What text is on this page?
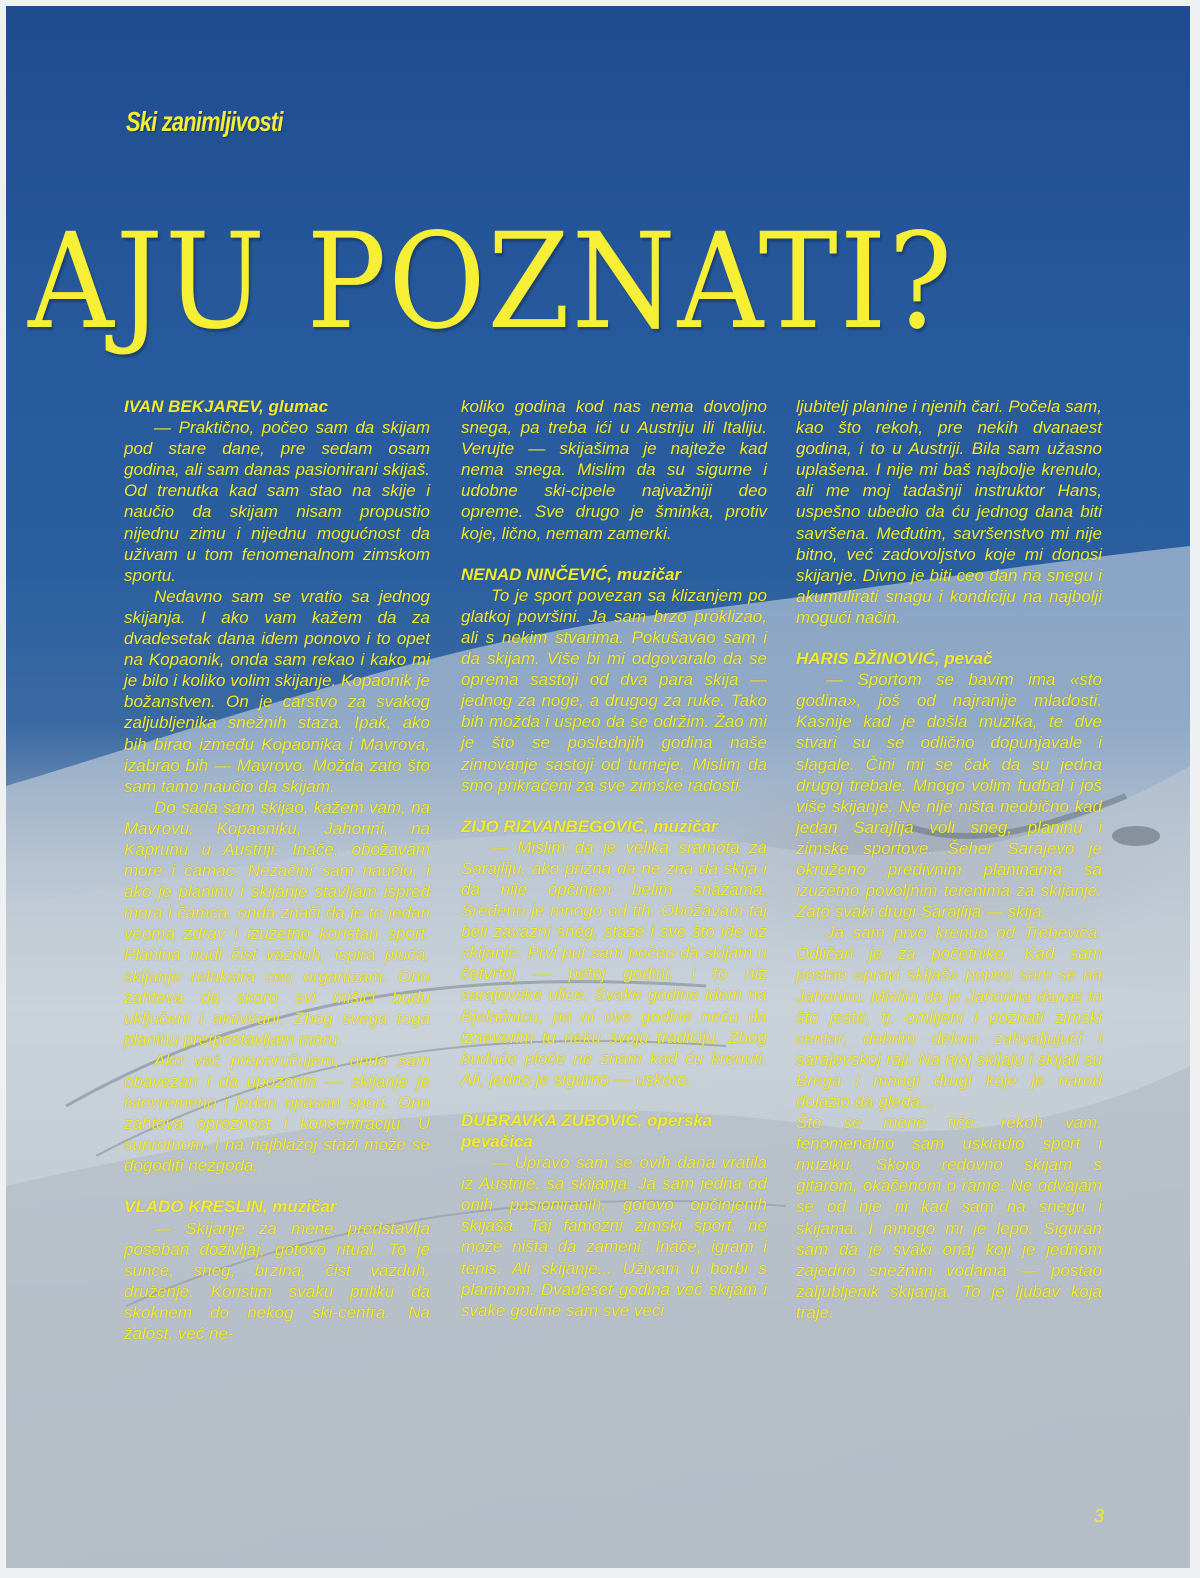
Ski zanimljivosti
AJU POZNATI?
IVAN BEKJAREV, glumac

— Praktično, počeo sam da skijam pod stare dane, pre sedam osam godina, ali sam danas pasionirani skijaš. Od trenutka kad sam stao na skije i naučio da skijam nisam propustio nijednu zimu i nijednu mogućnost da uživam u tom fenomenalnom zimskom sportu.

Nedavno sam se vratio sa jednog skijanja. I ako vam kažem da za dvadesetak dana idem ponovo i to opet na Kopaonik, onda sam rekao i kako mi je bilo i koliko volim skijanje. Kopaonik je božanstven. On je carstvo za svakog zaljubljenika snežnih staza. Ipak, ako bih birao između Kopaonika i Mavrova, izabrao bih — Mavrovo. Možda zato što sam tamo naučio da skijam.

Do sada sam skijao, kažem vam, na Mavrovu, Kopaoniku, Jahorini, na Kaprunu u Austriji. Inače, obožavam more i čamac. Nezačini sam naučio, i ako je planinu i skijanje stavljam ispred mora i čamca, onda znači da je to jedan veoma zdrav i izuzetno koristan sport. Planina nudi čist vazduh, ispira pluća, skijanje relaksira ceo organizam. Ono zahteva da skoro svi mišići budu uključeni i aktivirani. Zbog svega toga planinu pretpostavljam moru.

Ako već preporučujem, onda sam obavezan i da upozorim — skijanje je istovremeno i jedan opasan sport. Ono zahteva opreznost i koncentraciju. U suprotnom, i na najblažoj stazi može se dogoditi nezgoda.

VLADO KRESLIN, muzičar

— Skijanje za mene predstavlja poseban doživljaj, gotovo ritual. To je sunce, sneg, brzina, čist vazduh, druženje. Koristim svaku priliku da skoknem do nekog ski-centra. Na žalost, već ne-

koliko godina kod nas nema dovoljno snega, pa treba ići u Austriju ili Italiju. Verujte — skijašima je najteže kad nema snega. Mislim da su sigurne i udobne ski-cipele najvažniji deo opreme. Sve drugo je šminka, protiv koje, lično, nemam zamerki.

NENAD NINČEVIĆ, muzičar

To je sport povezan sa klizanjem po glatkoj površini. Ja sam brzo proklizao, ali s nekim stvarima. Pokušavao sam i da skijam. Više bi mi odgovaralo da se oprema sastoji od dva para skija — jednog za noge, a drugog za ruke. Tako bih možda i uspeo da se održim. Žao mi je što se poslednjih godina naše zimovanje sastoji od turneje. Mislim da smo prikraćeni za sve zimske radosti.

ZIJO RIZVANBEGOVIĆ, muzičar

— Mislim da je velika sramota za Sarajliju, ako prizna da ne zna da skija i da nije opčinjen belim snazama. Sređeno je mnogo od tih. Obožavam taj beli zavazni sneg, staze i sve što ide uz skijanje. Prvi put sam počeo da skijam u četvrtoj — petoj godini, i to niz sarajevske ulice. Svake godine idem na Bjelašnicu, pa ni ove godine neću da izneverim tu neku svoju tradiciju. Zbog buduće ploče ne znam kad ću krenuti. Ali, jedno je sigurno — uskoro.

DUBRAVKA ZUBOVIĆ, operska pevačica

— Upravo sam se ovih dana vratila iz Austrije, sa skijanja. Ja sam jedna od onih pasioniranih, gotovo opčinjenih skijaša. Taj famozni zimski sport, ne može ništa da zameni. Inače, igram i tenis. Ali skijanje... Uživam u borbi s planinom. Dvadeset godina već skijam i svake godine sam sve veći

ljubitelj planine i njenih čari. Počela sam, kao što rekoh, pre nekih dvanaest godina, i to u Austriji. Bila sam užasno uplašena. I nije mi baš najbolje krenulo, ali me moj tadašnji instruktor Hans, uspešno ubedio da ću jednog dana biti savršena. Međutim, savršenstvo mi nije bitno, već zadovoljstvo koje mi donosi skijanje. Divno je biti ceo dan na snegu i akumulirati snagu i kondiciju na najbolji mogući način.

HARIS DŽINOVIĆ, pevač

— Sportom se bavim ima «sto godina», još od najranije mladosti. Kasnije kad je došla muzika, te dve stvari su se odlično dopunjavale i slagale. Čini mi se čak da su jedna drugoj trebale. Mnogo volim fudbal i još više skijanje. Ne nije ništa neobično kad jedan Sarajlija voli sneg, planinu i zimske sportove. Šeher Sarajevo je okruženo predivnim planinama sa izuzetno povoljnim terenima za skijanje. Zato svaki drugi Sarajlija — skija.

Ja sam prvo krenuo od Trebevića. Odličan je za početnike. Kad sam postao «pravi skijaš» popeo sam se na Jahorinu. Mislim da je Jahorina danas to što jeste, tj. omiljeni i poznati zimski centar, dobrim delom zahvaljujući i sarajevskoj raji. Na njoj skijaju i skijali su Brega i mnogi drugi koje je narod dolazio da gleda...

Što se mene tiče, rekoh vam, fenomenalno sam uskladio sport i muziku. Skoro redovno skijam s gitarom, okačenom o rame. Ne odvajam se od nje ni kad sam na snegu i skijama. I mnogo mi je lepo. Siguran sam da je svaki onaj koji je jednom zajedrio snežnim vodama — postao zaljubljenik skijanja. To je ljubav koja traje.

3
